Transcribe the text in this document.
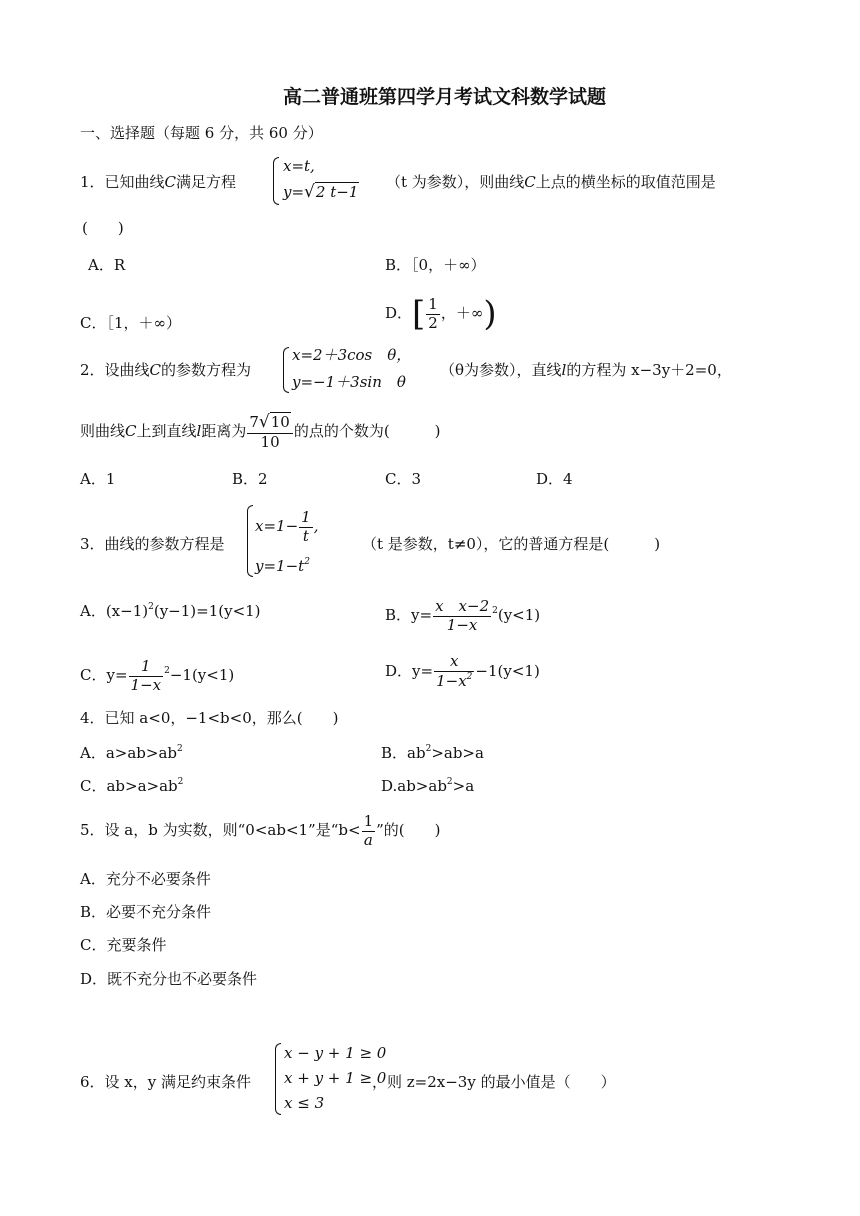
高二普通班第四学月考试文科数学试题
一、选择题（每题 6 分，共 60 分）
1．已知曲线C满足方程
x=t,
y=√2 t−1
（t 为参数），则曲线C上点的横坐标的取值范围是
(　　)
A．R	B．［0，＋∞）
C．［1，＋∞）
D．[ $\frac{1}{2}$ ，＋∞)
2．设曲线C的参数方程为
x=2＋3cos　θ，
y=−1＋3sin　θ
（θ为参数），直线l的方程为 x−3y＋2=0，
则曲线C上到直线l距离为 $\frac{7√10}{10}$ 的点的个数为(　　　)
A．1	B．2	C．3	D．4
3．曲线的参数方程是
$x=1- \frac{1}{t}$ ,
$y=1-t^2$
（t 是参数，t≠0），它的普通方程是(　　　)
A．$(x-1)^2(y-1)=1(y<1)$	B．$y= \frac{\text{x　x−2}}{1-x} ^2(y<1)$
C．$y= \frac{1}{1-x} ^2-1(y<1)$	D．$y= \frac{x}{1-x^2} -1(y<1)$
4．已知 a<0，−1<b<0，那么(　　)
A．$a>ab>ab^2$	B．$ab^2>ab>a$
C．$ab>a>ab^2$	$D.ab>ab^2>a$
5．设 a，b 为实数，则“0<ab<1”是“$b< \frac{1}{a}$ ”的(　　)
A．充分不必要条件
B．必要不充分条件
C．充要条件
D．既不充分也不必要条件
6．设 x，y 满足约束条件
x − y + 1 ≥ 0
x + y + 1 ≥ 0
x ≤ 3
，则 z=2x−3y 的最小值是（　　）
